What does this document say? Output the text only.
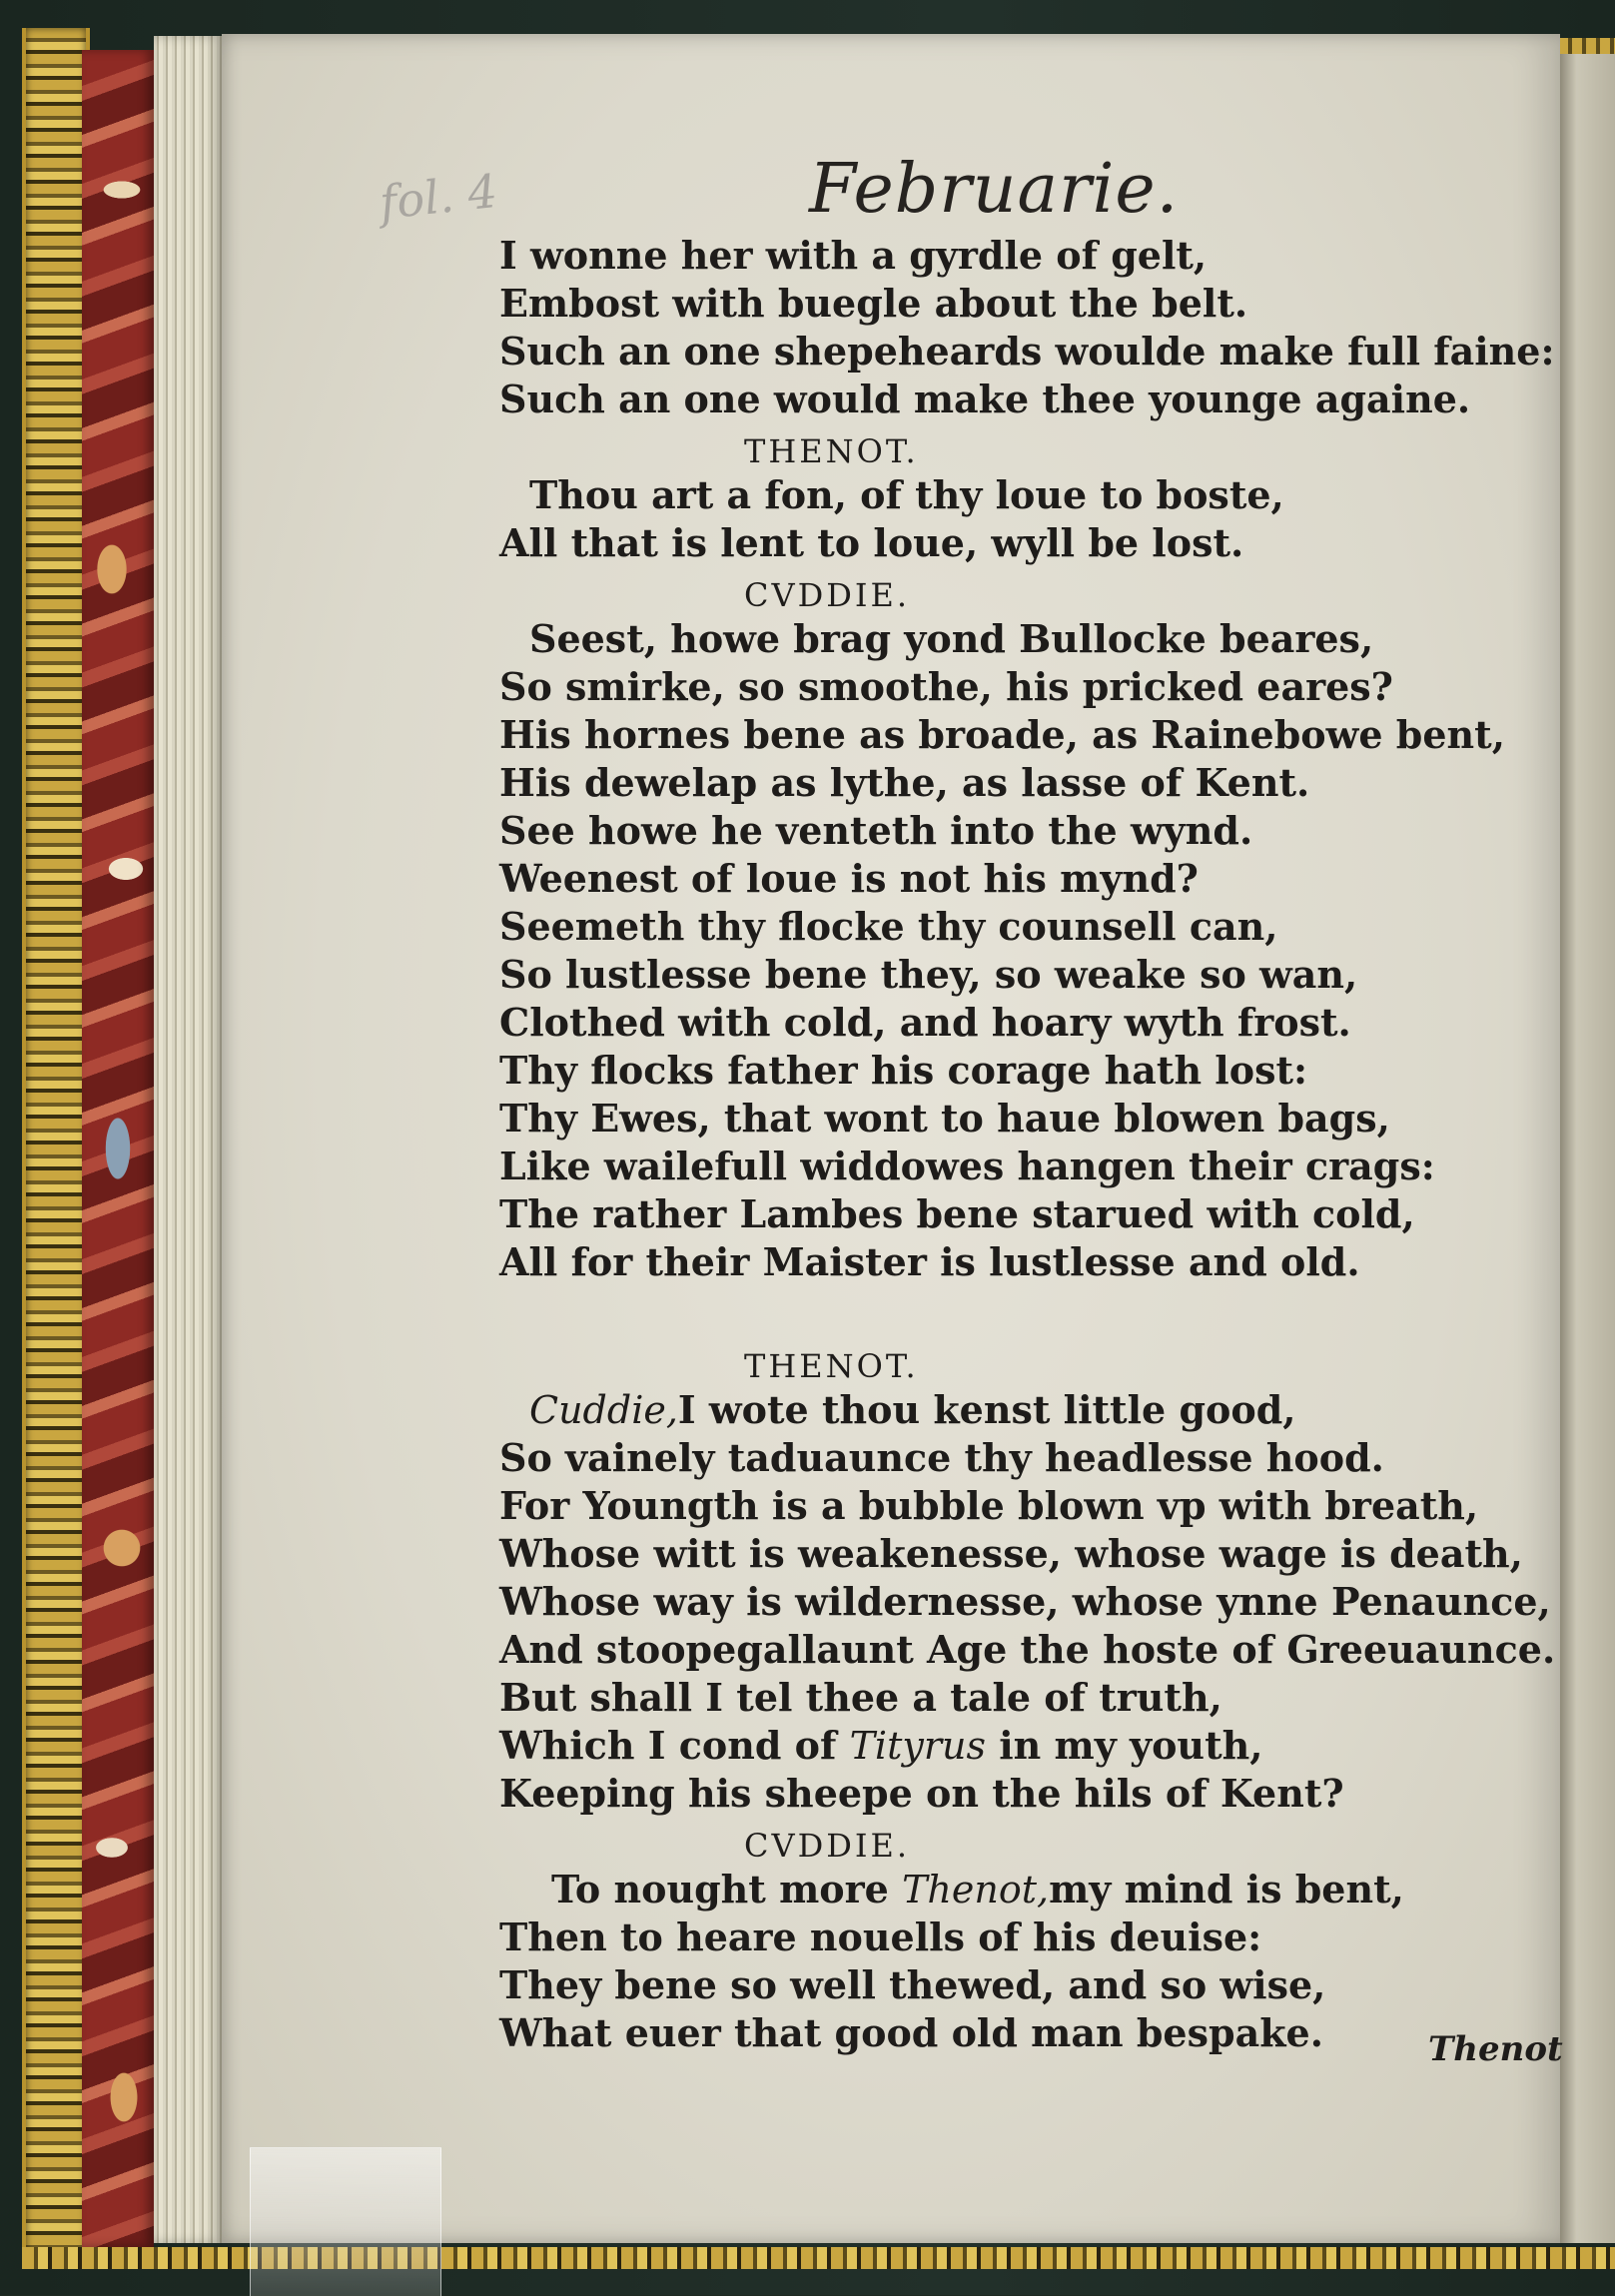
fol. 4	Februarie.
I wonne her with a gyrdle of gelt,
Embost with buegle about the belt.
Such an one shepeheards woulde make full faine:
Such an one would make thee younge againe.
THENOT.
Thou art a fon, of thy loue to boste,
All that is lent to loue, wyll be lost.
CVDDIE.
Seest, howe brag yond Bullocke beares,
So smirke, so smoothe, his pricked eares?
His hornes bene as broade, as Rainebowe bent,
His dewelap as lythe, as lasse of Kent.
See howe he venteth into the wynd.
Weenest of loue is not his mynd?
Seemeth thy flocke thy counsell can,
So lustlesse bene they, so weake so wan,
Clothed with cold, and hoary wyth frost.
Thy flocks father his corage hath lost:
Thy Ewes, that wont to haue blowen bags,
Like wailefull widdowes hangen their crags:
The rather Lambes bene starued with cold,
All for their Maister is lustlesse and old.
THENOT.
Cuddie,I wote thou kenst little good,
So vainely taduaunce thy headlesse hood.
For Youngth is a bubble blown vp with breath,
Whose witt is weakenesse, whose wage is death,
Whose way is wildernesse, whose ynne Penaunce,
And stoopegallaunt Age the hoste of Greeuaunce.
But shall I tel thee a tale of truth,
Which I cond of Tityrus in my youth,
Keeping his sheepe on the hils of Kent?
CVDDIE.
To nought more Thenot,my mind is bent,
Then to heare nouells of his deuise:
They bene so well thewed, and so wise,
What euer that good old man bespake.	Thenot
